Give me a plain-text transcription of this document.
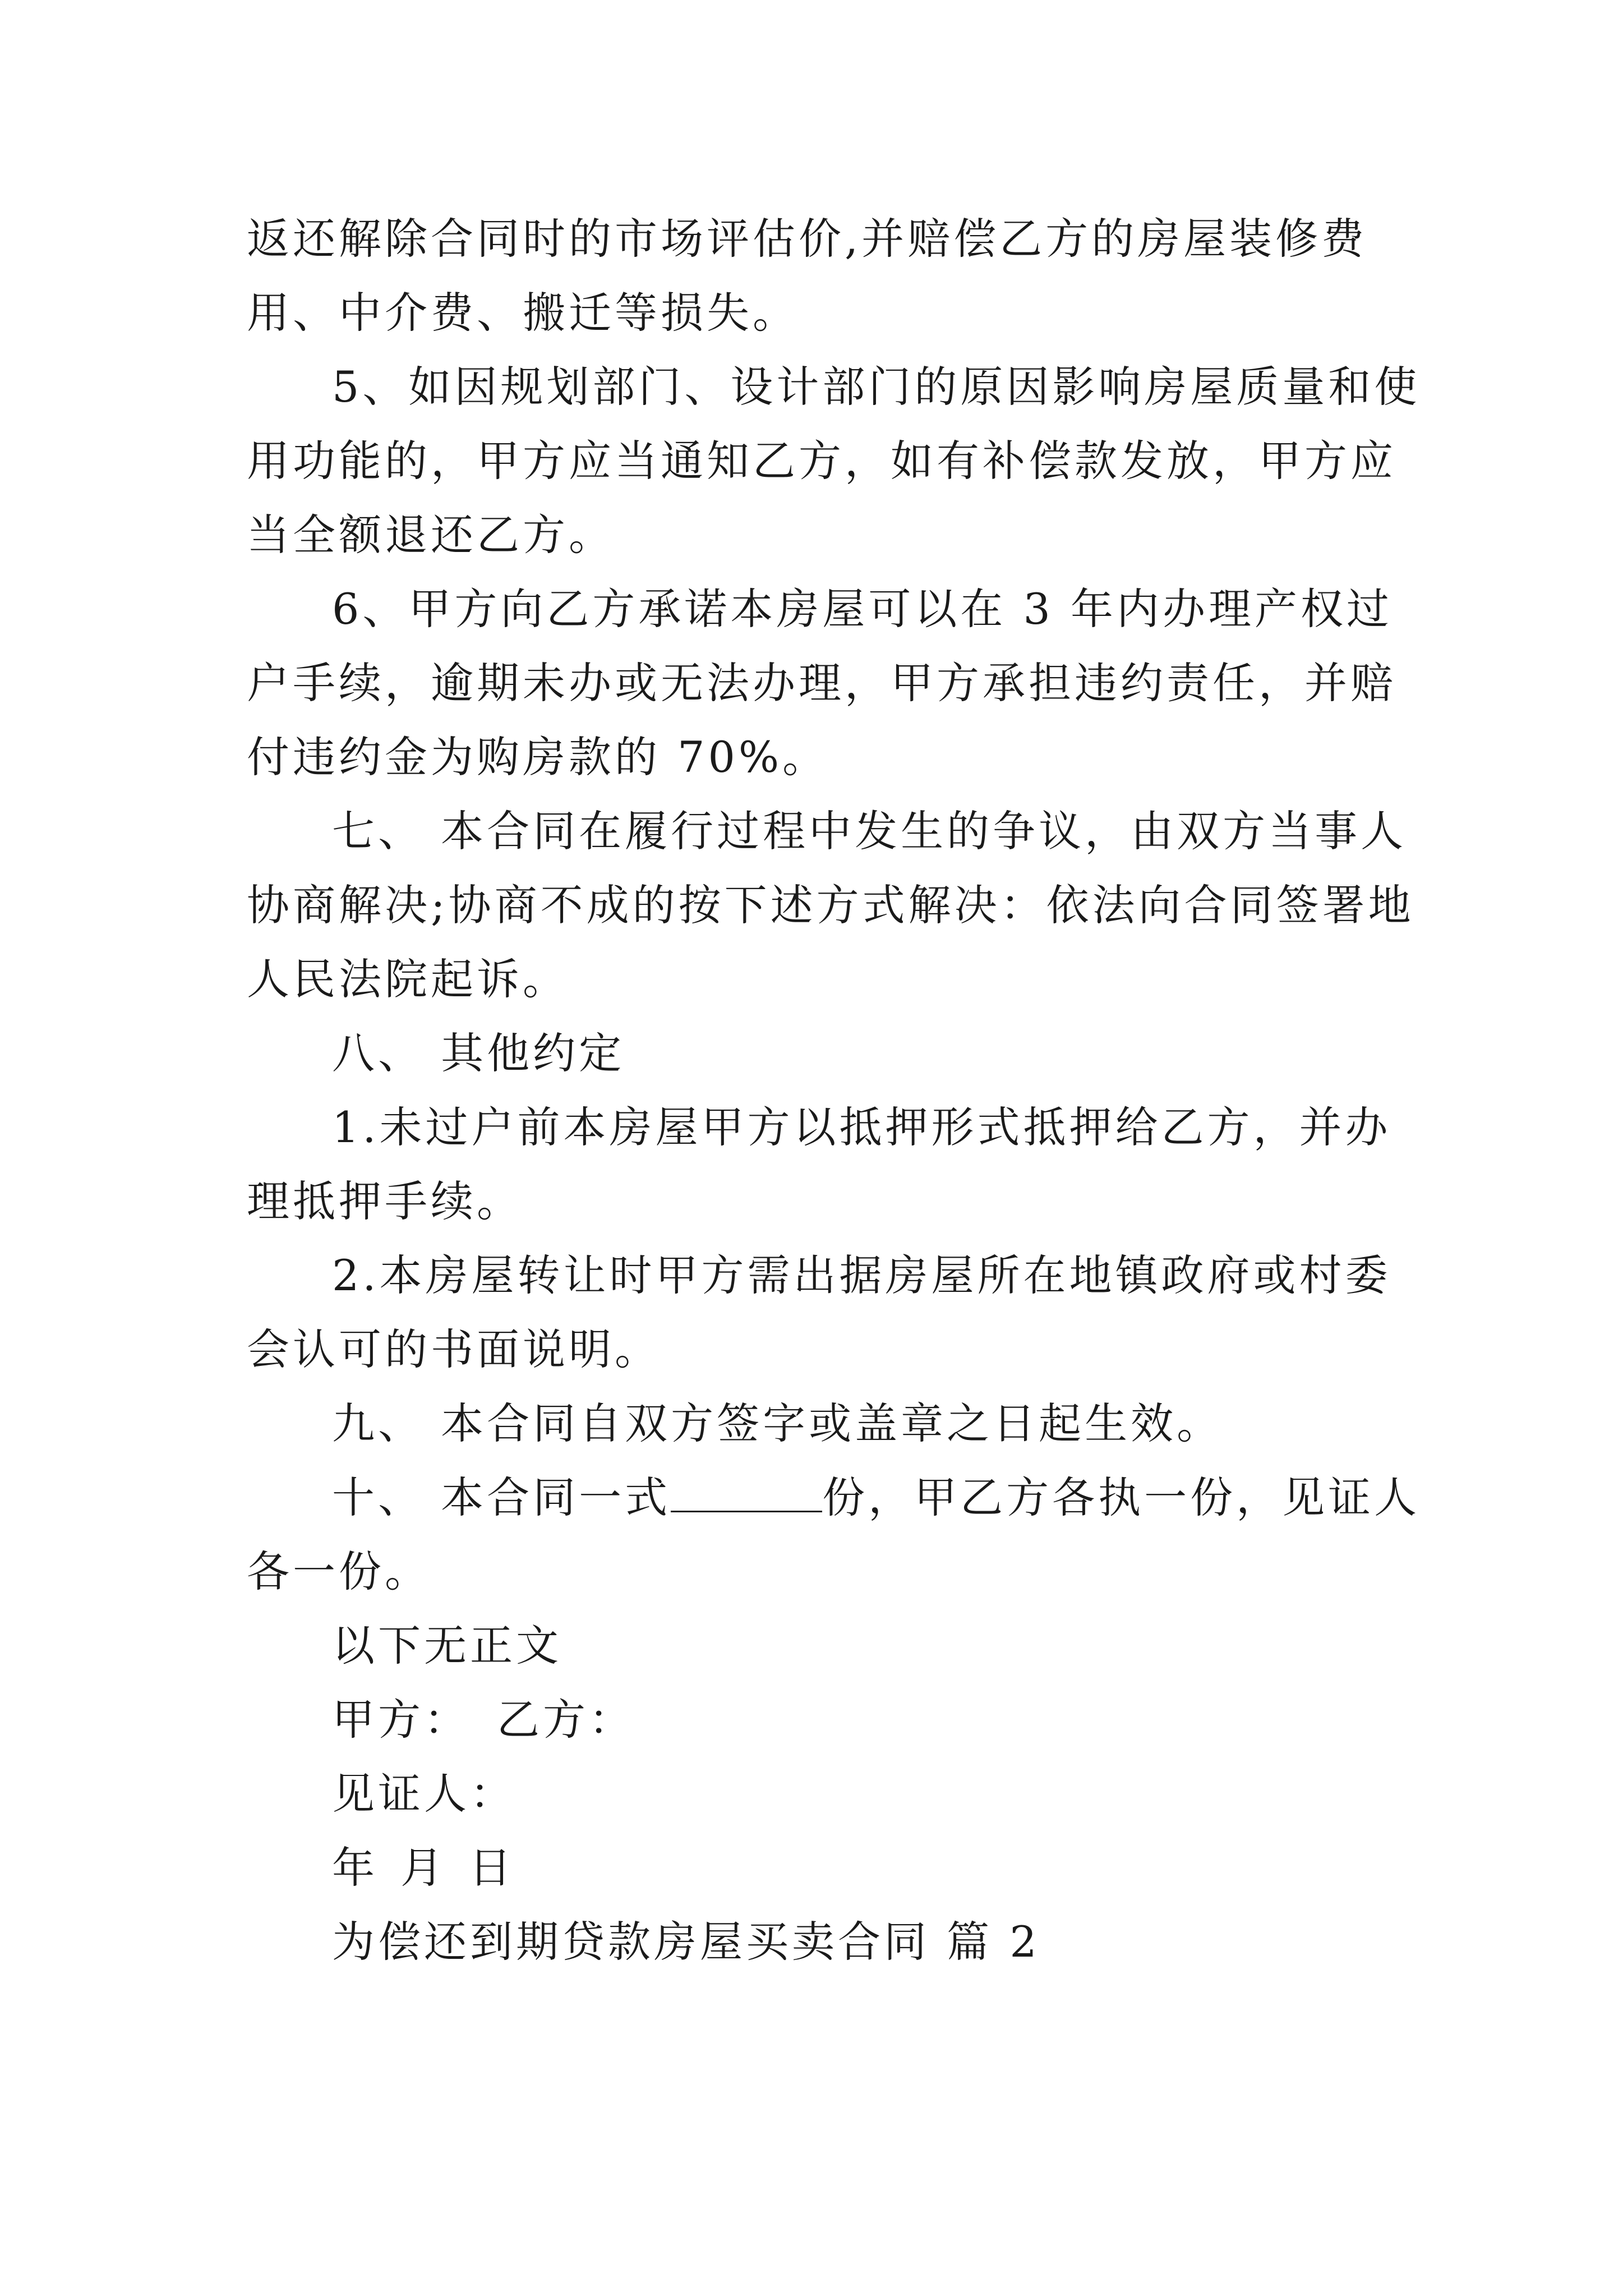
返还解除合同时的市场评估价,并赔偿乙方的房屋装修费用、中介费、搬迁等损失。

5、如因规划部门、设计部门的原因影响房屋质量和使用功能的，甲方应当通知乙方，如有补偿款发放，甲方应当全额退还乙方。

6、甲方向乙方承诺本房屋可以在 3 年内办理产权过户手续，逾期未办或无法办理，甲方承担违约责任，并赔付违约金为购房款的 70%。

七、 本合同在履行过程中发生的争议，由双方当事人协商解决;协商不成的按下述方式解决：依法向合同签署地人民法院起诉。

八、 其他约定

1.未过户前本房屋甲方以抵押形式抵押给乙方，并办理抵押手续。

2.本房屋转让时甲方需出据房屋所在地镇政府或村委会认可的书面说明。

九、 本合同自双方签字或盖章之日起生效。

十、 本合同一式	份，甲乙方各执一份，见证人各一份。

以下无正文

甲方： 乙方：

见证人：

年 月 日

为偿还到期贷款房屋买卖合同 篇 2
